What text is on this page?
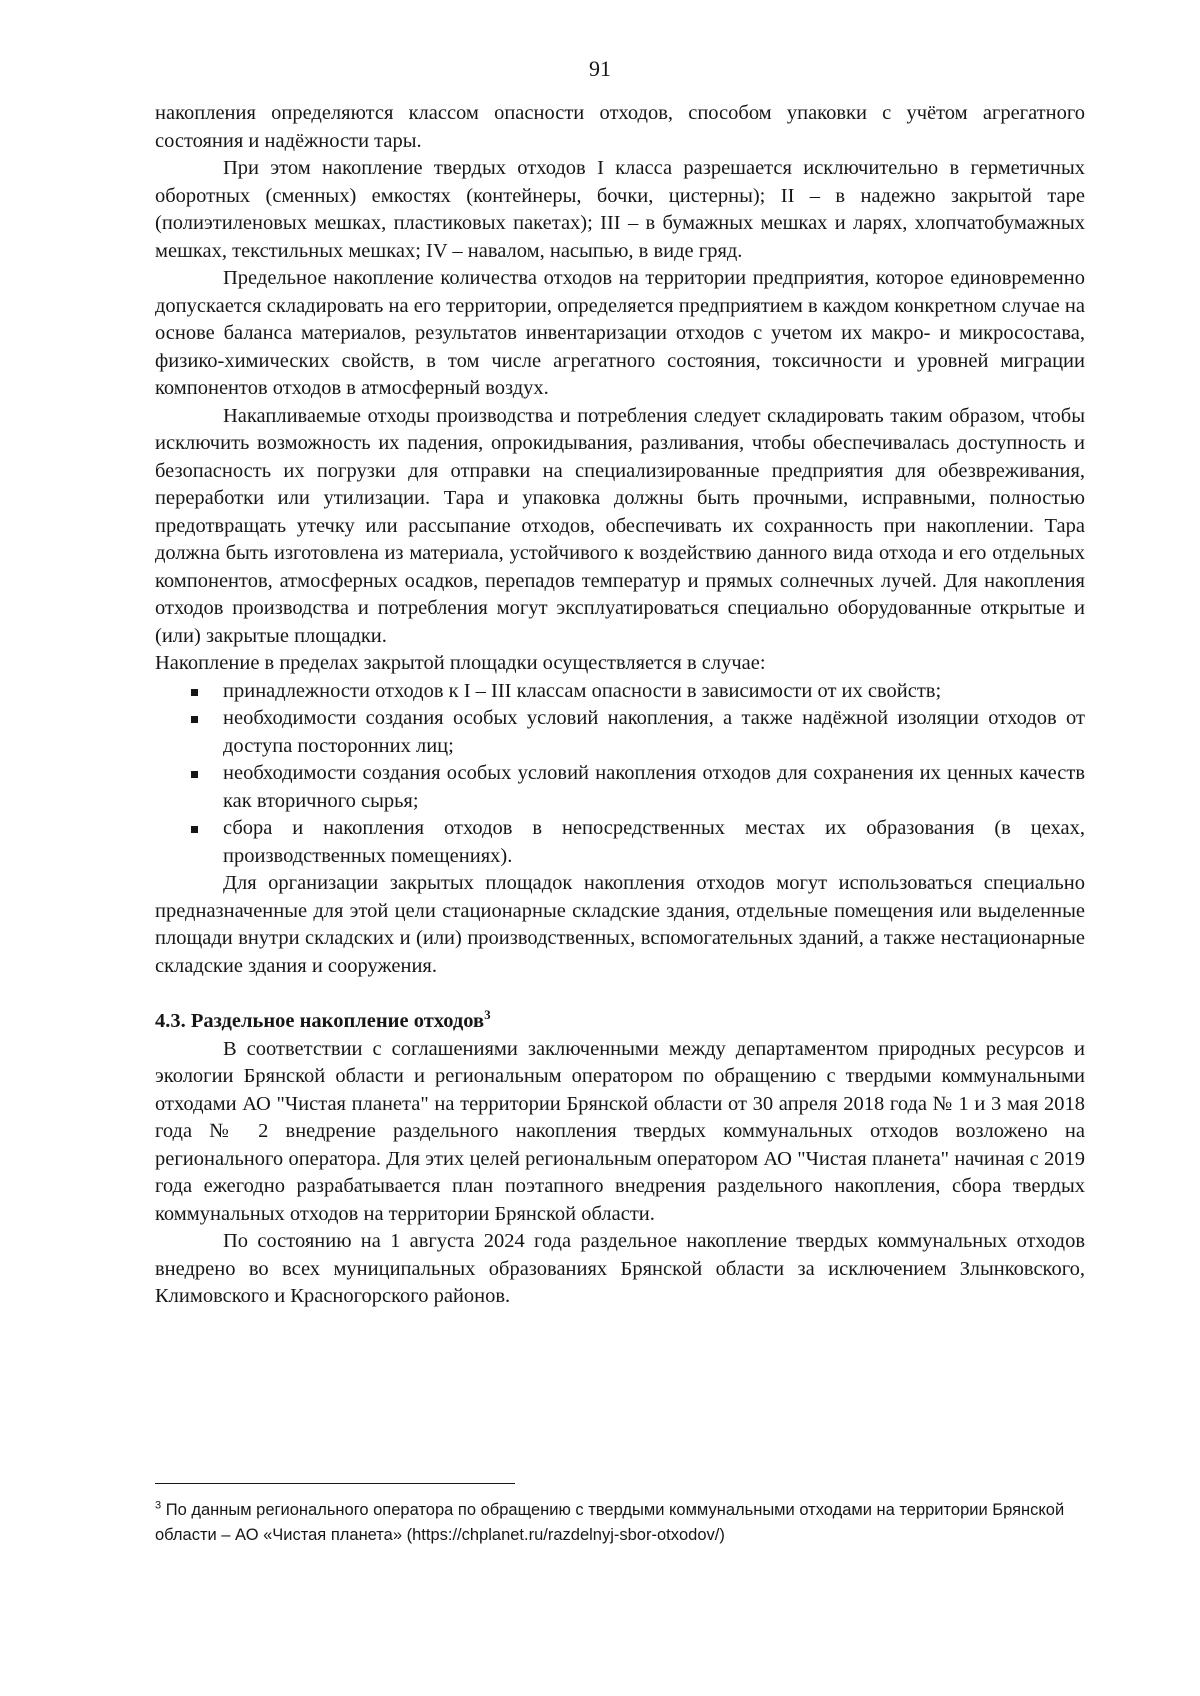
91

накопления определяются классом опасности отходов, способом упаковки с учётом агрегатного состояния и надёжности тары.

При этом накопление твердых отходов I класса разрешается исключительно в герметичных оборотных (сменных) емкостях (контейнеры, бочки, цистерны); II – в надежно закрытой таре (полиэтиленовых мешках, пластиковых пакетах); III – в бумажных мешках и ларях, хлопчатобумажных мешках, текстильных мешках; IV – навалом, насыпью, в виде гряд.

Предельное накопление количества отходов на территории предприятия, которое единовременно допускается складировать на его территории, определяется предприятием в каждом конкретном случае на основе баланса материалов, результатов инвентаризации отходов с учетом их макро- и микросостава, физико-химических свойств, в том числе агрегатного состояния, токсичности и уровней миграции компонентов отходов в атмосферный воздух.

Накапливаемые отходы производства и потребления следует складировать таким образом, чтобы исключить возможность их падения, опрокидывания, разливания, чтобы обеспечивалась доступность и безопасность их погрузки для отправки на специализированные предприятия для обезвреживания, переработки или утилизации. Тара и упаковка должны быть прочными, исправными, полностью предотвращать утечку или рассыпание отходов, обеспечивать их сохранность при накоплении. Тара должна быть изготовлена из материала, устойчивого к воздействию данного вида отхода и его отдельных компонентов, атмосферных осадков, перепадов температур и прямых солнечных лучей. Для накопления отходов производства и потребления могут эксплуатироваться специально оборудованные открытые и (или) закрытые площадки.

Накопление в пределах закрытой площадки осуществляется в случае:

принадлежности отходов к I – III классам опасности в зависимости от их свойств;
необходимости создания особых условий накопления, а также надёжной изоляции отходов от доступа посторонних лиц;
необходимости создания особых условий накопления отходов для сохранения их ценных качеств как вторичного сырья;
сбора и накопления отходов в непосредственных местах их образования (в цехах, производственных помещениях).

Для организации закрытых площадок накопления отходов могут использоваться специально предназначенные для этой цели стационарные складские здания, отдельные помещения или выделенные площади внутри складских и (или) производственных, вспомогательных зданий, а также нестационарные складские здания и сооружения.

4.3. Раздельное накопление отходов$^3$

В соответствии с соглашениями заключенными между департаментом природных ресурсов и экологии Брянской области и региональным оператором по обращению с твердыми коммунальными отходами АО "Чистая планета" на территории Брянской области от 30 апреля 2018 года № 1 и 3 мая 2018 года № 2 внедрение раздельного накопления твердых коммунальных отходов возложено на регионального оператора. Для этих целей региональным оператором АО "Чистая планета" начиная с 2019 года ежегодно разрабатывается план поэтапного внедрения раздельного накопления, сбора твердых коммунальных отходов на территории Брянской области.

По состоянию на 1 августа 2024 года раздельное накопление твердых коммунальных отходов внедрено во всех муниципальных образованиях Брянской области за исключением Злынковского, Климовского и Красногорского районов.

$^3$ По данным регионального оператора по обращению с твердыми коммунальными отходами на территории Брянской области – АО «Чистая планета» (https://chplanet.ru/razdelnyj-sbor-otxodov/)
